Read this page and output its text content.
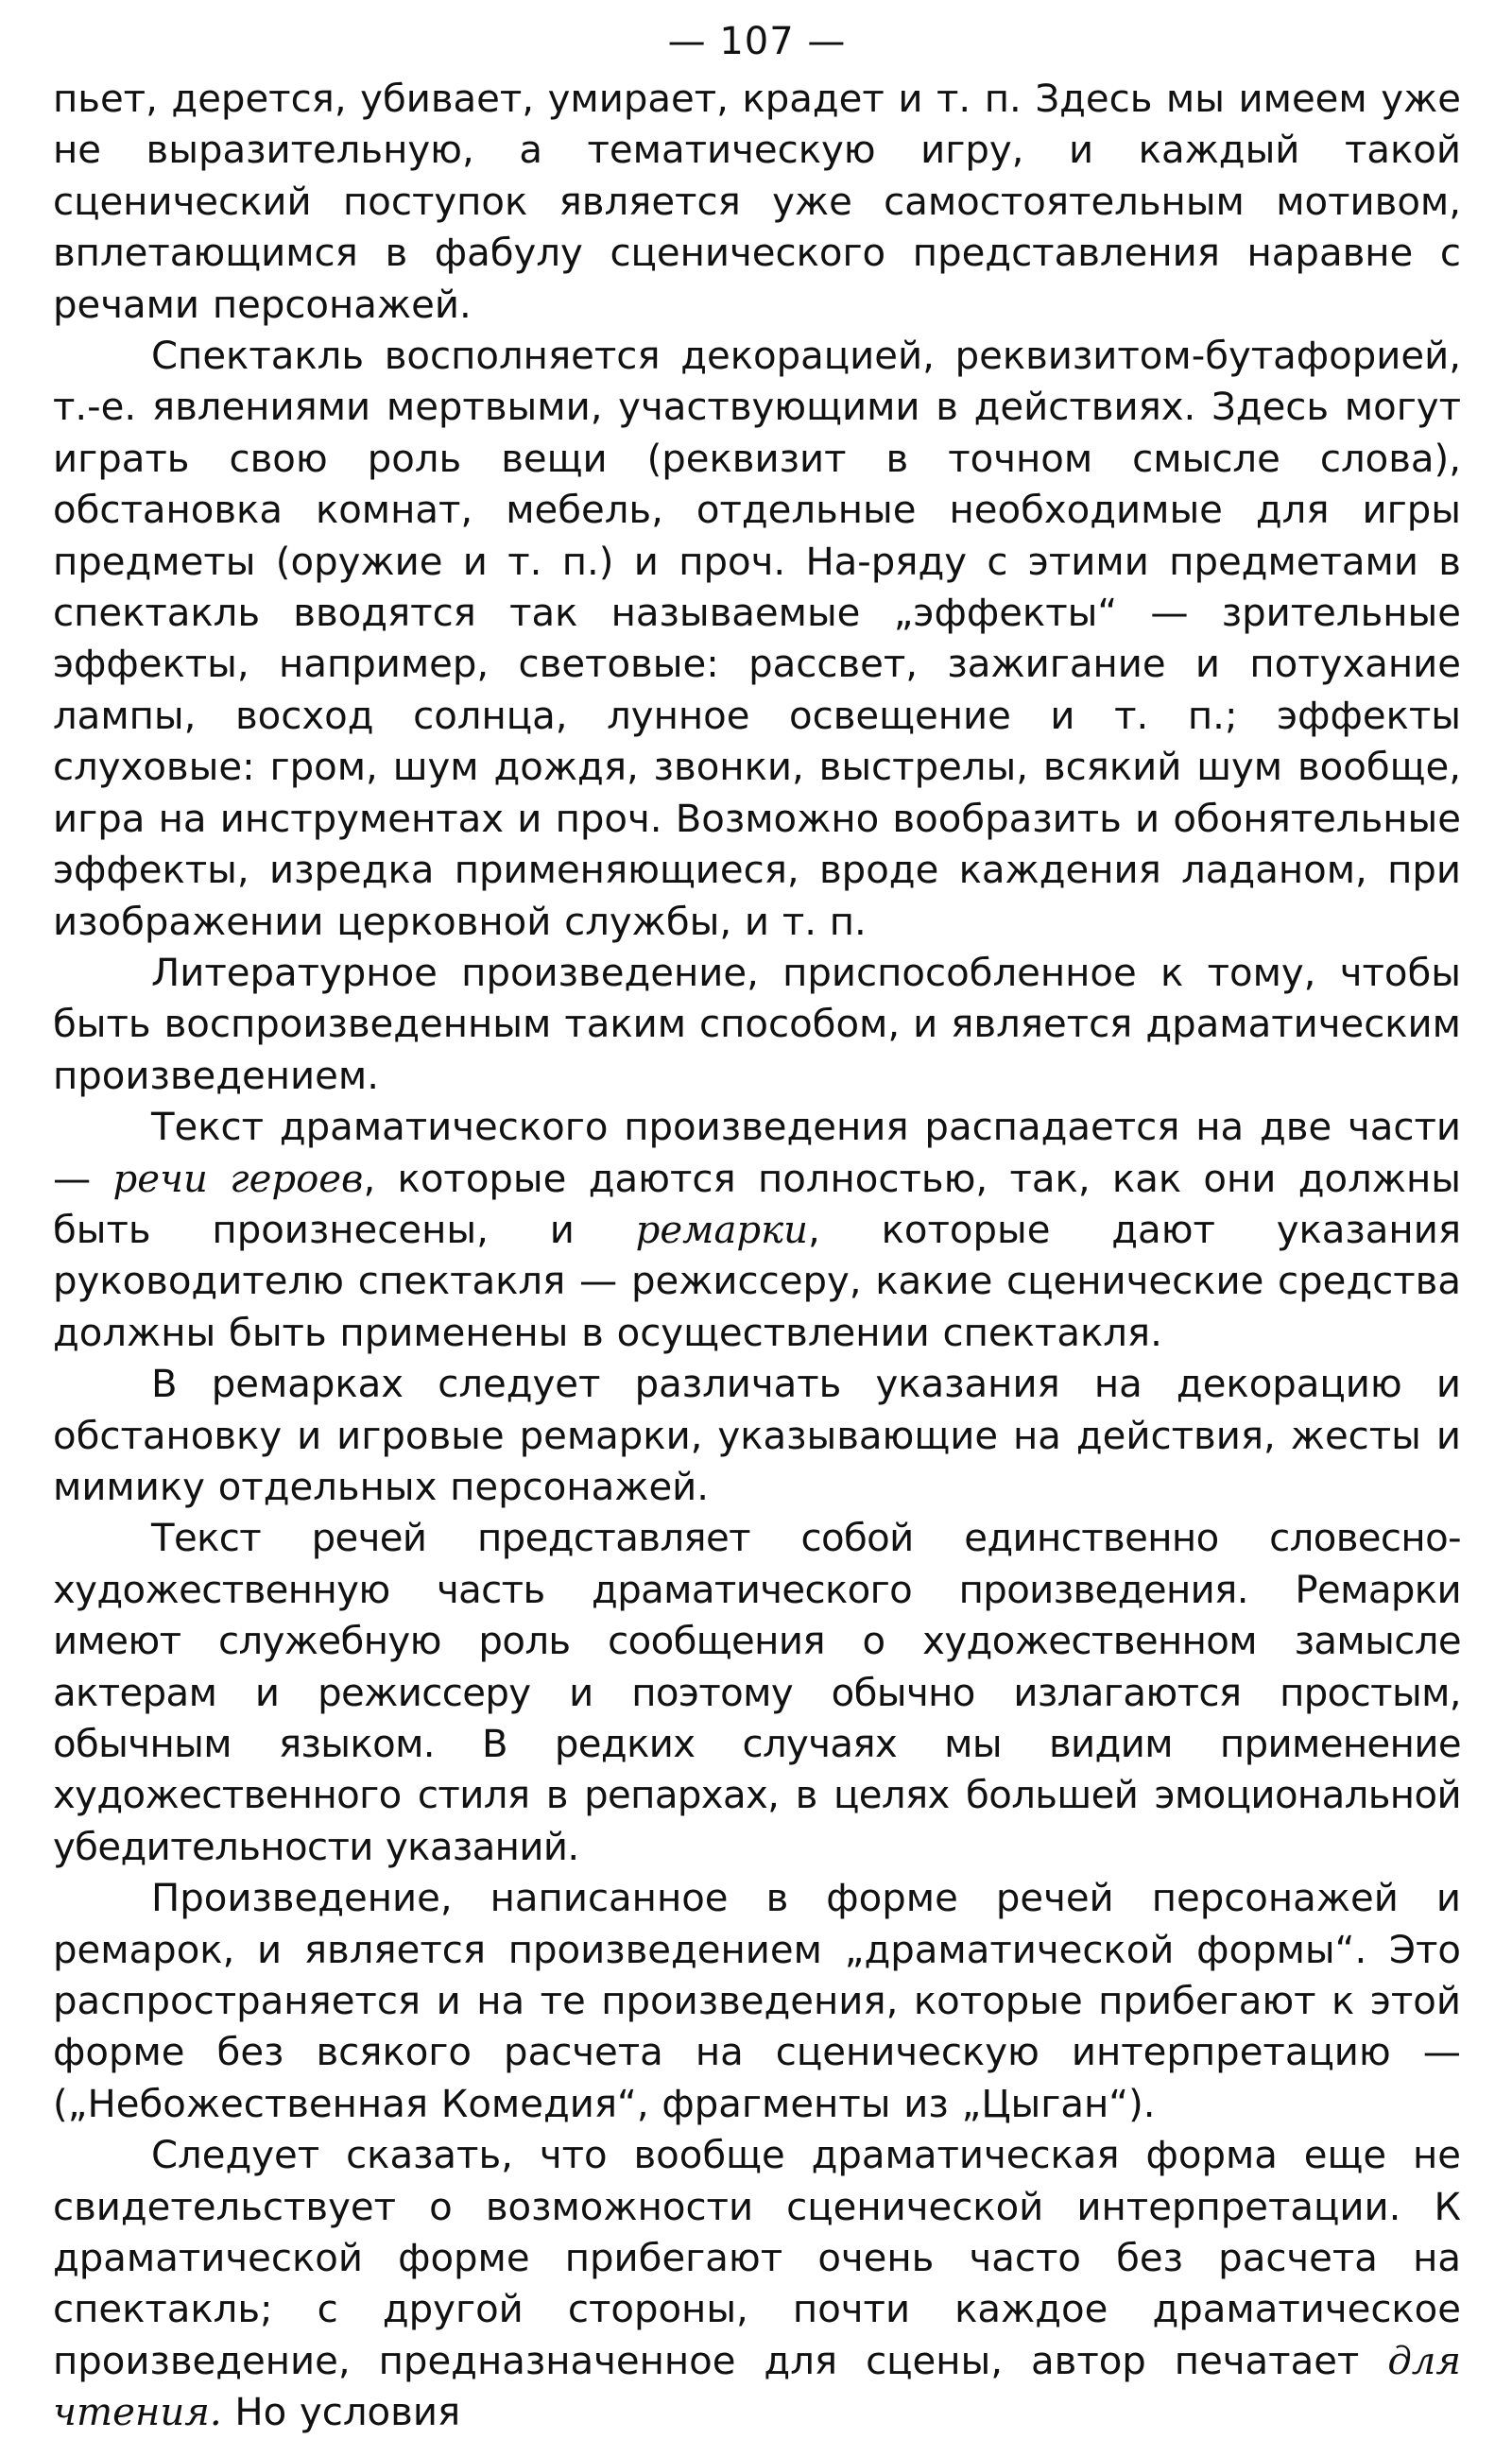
— 107 —

пьет, дерется, убивает, умирает, крадет и т. п. Здесь мы имеем уже не выразительную, а тематическую игру, и каждый такой сценический поступок является уже самостоятельным мотивом, вплетающимся в фабулу сценического представления наравне с речами персонажей.

Спектакль восполняется декорацией, реквизитом-бутафорией, т.-е. явлениями мертвыми, участвующими в действиях. Здесь могут играть свою роль вещи (реквизит в точном смысле слова), обстановка комнат, мебель, отдельные необходимые для игры предметы (оружие и т. п.) и проч. На-ряду с этими предметами в спектакль вводятся так называемые „эффекты“ — зрительные эффекты, например, световые: рассвет, зажигание и потухание лампы, восход солнца, лунное освещение и т. п.; эффекты слуховые: гром, шум дождя, звонки, выстрелы, всякий шум вообще, игра на инструментах и проч. Возможно вообразить и обонятельные эффекты, изредка применяющиеся, вроде каждения ладаном, при изображении церковной службы, и т. п.

Литературное произведение, приспособленное к тому, чтобы быть воспроизведенным таким способом, и является драматическим произведением.

Текст драматического произведения распадается на две части — речи героев, которые даются полностью, так, как они должны быть произнесены, и ремарки, которые дают указания руководителю спектакля — режиссеру, какие сценические средства должны быть применены в осуществлении спектакля.

В ремарках следует различать указания на декорацию и обстановку и игровые ремарки, указывающие на действия, жесты и мимику отдельных персонажей.

Текст речей представляет собой единственно словесно-художественную часть драматического произведения. Ремарки имеют служебную роль сообщения о художественном замысле актерам и режиссеру и поэтому обычно излагаются простым, обычным языком. В редких случаях мы видим применение художественного стиля в репархах, в целях большей эмоциональной убедительности указаний.

Произведение, написанное в форме речей персонажей и ремарок, и является произведением „драматической формы“. Это распространяется и на те произведения, которые прибегают к этой форме без всякого расчета на сценическую интерпретацию — („Небожественная Комедия“, фрагменты из „Цыган“).

Следует сказать, что вообще драматическая форма еще не свидетельствует о возможности сценической интерпретации. К драматической форме прибегают очень часто без расчета на спектакль; с другой стороны, почти каждое драматическое произведение, предназначенное для сцены, автор печатает для чтения. Но условия
